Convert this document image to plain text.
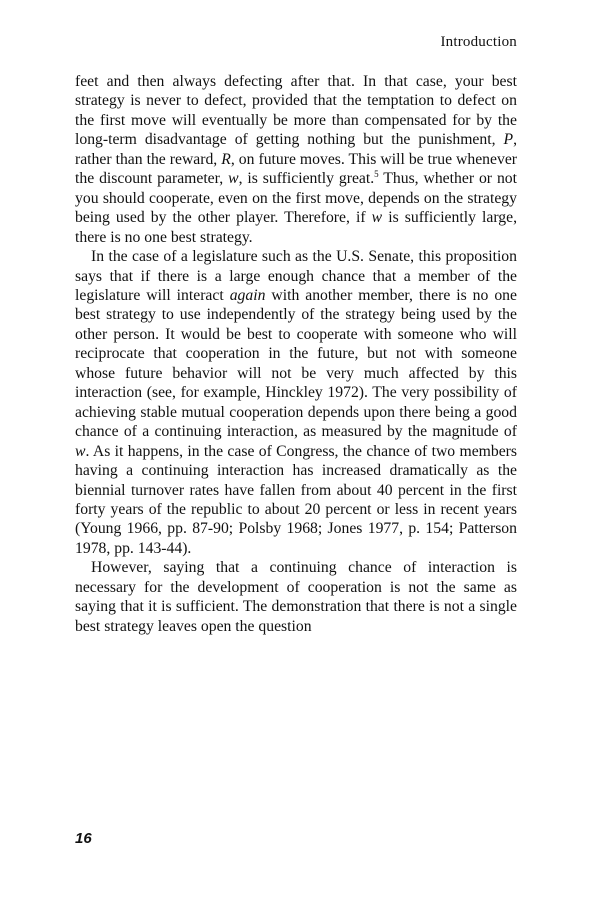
Introduction

feet and then always defecting after that. In that case, your best strategy is never to defect, provided that the temptation to defect on the first move will eventually be more than compensated for by the long-term disadvantage of getting nothing but the punishment, P, rather than the reward, R, on future moves. This will be true whenever the discount parameter, w, is sufficiently great.$^5$ Thus, whether or not you should cooperate, even on the first move, depends on the strategy being used by the other player. Therefore, if w is sufficiently large, there is no one best strategy.

In the case of a legislature such as the U.S. Senate, this proposition says that if there is a large enough chance that a member of the legislature will interact again with another member, there is no one best strategy to use independently of the strategy being used by the other person. It would be best to cooperate with someone who will reciprocate that cooperation in the future, but not with someone whose future behavior will not be very much affected by this interaction (see, for example, Hinckley 1972). The very possibility of achieving stable mutual cooperation depends upon there being a good chance of a continuing interaction, as measured by the magnitude of w. As it happens, in the case of Congress, the chance of two members having a continuing interaction has increased dramatically as the biennial turnover rates have fallen from about 40 percent in the first forty years of the republic to about 20 percent or less in recent years (Young 1966, pp. 87-90; Polsby 1968; Jones 1977, p. 154; Patterson 1978, pp. 143-44).

However, saying that a continuing chance of interaction is necessary for the development of cooperation is not the same as saying that it is sufficient. The demonstration that there is not a single best strategy leaves open the question

16
